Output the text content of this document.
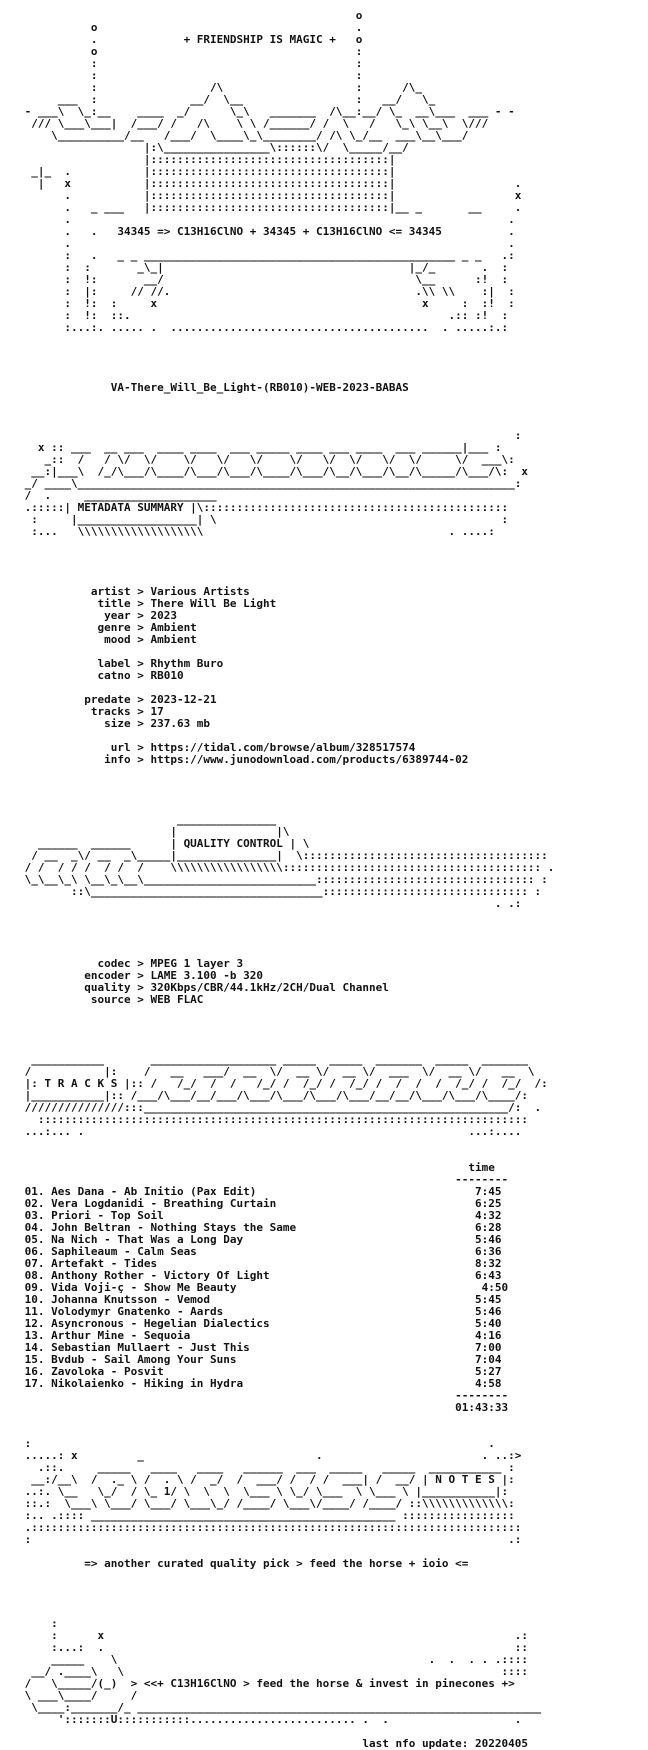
o
o                                       .
.             + FRIENDSHIP IS MAGIC +   o
o                                       :
:                                       :
:                                       :
:                 /\                    :      /\_
___  :              __/  \__                 :   __/   \_
- ___\  \_:__    ____  _/      \_\   _______  /\__:__/ \_  __\___  ___ - -
/// \___\___|  /___/ /   /\    \ \ /______/ /  \   /   \_\ \__\  \///
\__________/__   /___/  \____\_\________/ /\ \_/__  ___\__\___/
|:\________________\::::::\/  \_____/__/
|::::::::::::::::::::::::::::::::::::|
_|_  .           |::::::::::::::::::::::::::::::::::::|
|   x           |::::::::::::::::::::::::::::::::::::|                  .
.           |::::::::::::::::::::::::::::::::::::|                  x
.   _ ___   |::::::::::::::::::::::::::::::::::::|__ _       __     .
.                                                                  .
.   .   34345 => C13H16ClNO + 34345 + C13H16ClNO <= 34345          .
.                                                                  .
:   .   _ _ _______________________________________________ _ _   .:
:  :       _\_|                                     |_/_       .  :
:  !:       __/                                      \__      :!  :
:  |:     // //.                                     .\\ \\    :|  :
:  !:  :     x                                        x     :  :!  :
:  !:  ::.                                                .:: :!  :
:...:. ..... .  .......................................  . .....:.:

VA-There_Will_Be_Light-(RB010)-WEB-2023-BABAS

:
x :: ___  __ ___  ____ ____  ___ _____ ____ ___ ____  ___ ______|___ :
_::  /   / \/  \/    \/   \/   \/    \/   \/  \/   \/  \/     \/  ___\:
__:|___\  /_/\___/\____/\___/\___/\____/\___/\__/\___/\__/\_____/\___/\:  x
_/ ____\__________________________________________________________________:
/  .     ____________________
.:::::| METADATA SUMMARY |\::::::::::::::::::::::::::::::::::::::::::::::
:     |__________________| \                                           :
:...   \\\\\\\\\\\\\\\\\\\                                     . ....:

artist > Various Artists
title > There Will Be Light
year > 2023
genre > Ambient
mood > Ambient

label > Rhythm Buro
catno > RB010

predate > 2023-12-21
tracks > 17
size > 237.63 mb

url > https://tidal.com/browse/album/328517574
info > https://www.junodownload.com/products/6389744-02

_______________
|               |\
______  ______      | QUALITY CONTROL | \
/ __  _\/ __  _\_____|_______________|  \:::::::::::::::::::::::::::::::::::::
/ /  / / /  / /  /    \\\\\\\\\\\\\\\\\::::::::::::::::::::::::::::::::::::::: .
\_\__\_\ \__\_\__\__________________________::::::::::::::::::::::::::::::::: :
::\___________________________________::::::::::::::::::::::::::::::: :
. .:

codec > MPEG 1 layer 3
encoder > LAME 3.100 -b 320
quality > 320Kbps/CBR/44.1kHz/2CH/Dual Channel
source > WEB FLAC

___________       ___________________ _____  _____  _______  _____  _______
/           |:    /   __   ___/  __  \/  __ \/  __ \/  ___  \/  __ \/   __  \
|: T R A C K S |:: /   /_/  /  /   /_/ /  /_/ /  /_/ /  /  /  /  /_/ /  /_/  /:
|___________|:: /___/\___/__/___/\___/\___/\___/\___/__/__/\___/\___/\____/:
///////////////:::_______________________________________________________/:  .
::::::::::::::::::::::::::::::::::::::::::::::::::::::::::::::::::::::::::
...:... .                                                          ...:....

time
--------
01. Aes Dana - Ab Initio (Pax Edit)                                 7:45
02. Vera Logdanidi - Breathing Curtain                              6:25
03. Priori - Top Soil                                               4:32
04. John Beltran - Nothing Stays the Same                           6:28
05. Na Nich - That Was a Long Day                                   5:46
06. Saphileaum - Calm Seas                                          6:36
07. Artefakt - Tides                                                8:32
08. Anthony Rother - Victory Of Light                               6:43
09. Vida Voji-ç - Show Me Beauty                                     4:50
10. Johanna Knutsson - Vemod                                        5:45
11. Volodymyr Gnatenko - Aards                                      5:46
12. Asyncronous - Hegelian Dialectics                               5:40
13. Arthur Mine - Sequoia                                           4:16
14. Sebastian Mullaert - Just This                                  7:00
15. Bvdub - Sail Among Your Suns                                    7:04
16. Zavoloka - Posvit                                               5:27
17. Nikolaienko - Hiking in Hydra                                   4:58
--------
01:43:33

:                                                                     .
.....: x         _                          .                        . ..:>
.::.     _____   ____   ____   ______  ___  _____   _____  ___________ :
__:/__\  /  ._ \ /  . \ /  _/  /  ___/ /  / /  ___| /  __/ | N O T E S |:
..:. \__   \_/  / \_ 1/ \  \  \  \___ \ \_/ \___  \ \___ \ |___________|:
::.:  \___\ \___/ \___/ \___\_/ /____/ \___\/____/ /____/ ::\\\\\\\\\\\\\:
:.. .:::: ______________________________________________ :::::::::::::::::
.::::::::::::::::::::::::::::::::::::::::::::::::::::::::::::::::::::::::::
:                                                                        .:

=> another curated quality pick > feed the horse + ioio <=

:
:      x                                                              .:
:...:  .                                                              ::
_____    \                                               .  .  . . .::::
__/ .____\   \                                                         ::::
/   \_____/(_)  > <<+ C13H16ClNO > feed the horse & invest in pinecones +>
\ ___\____/     /
\____:_______/_ _____________________________________________________________
':::::::U:::::::::::......................... .  .                   .

last nfo update: 20220405
